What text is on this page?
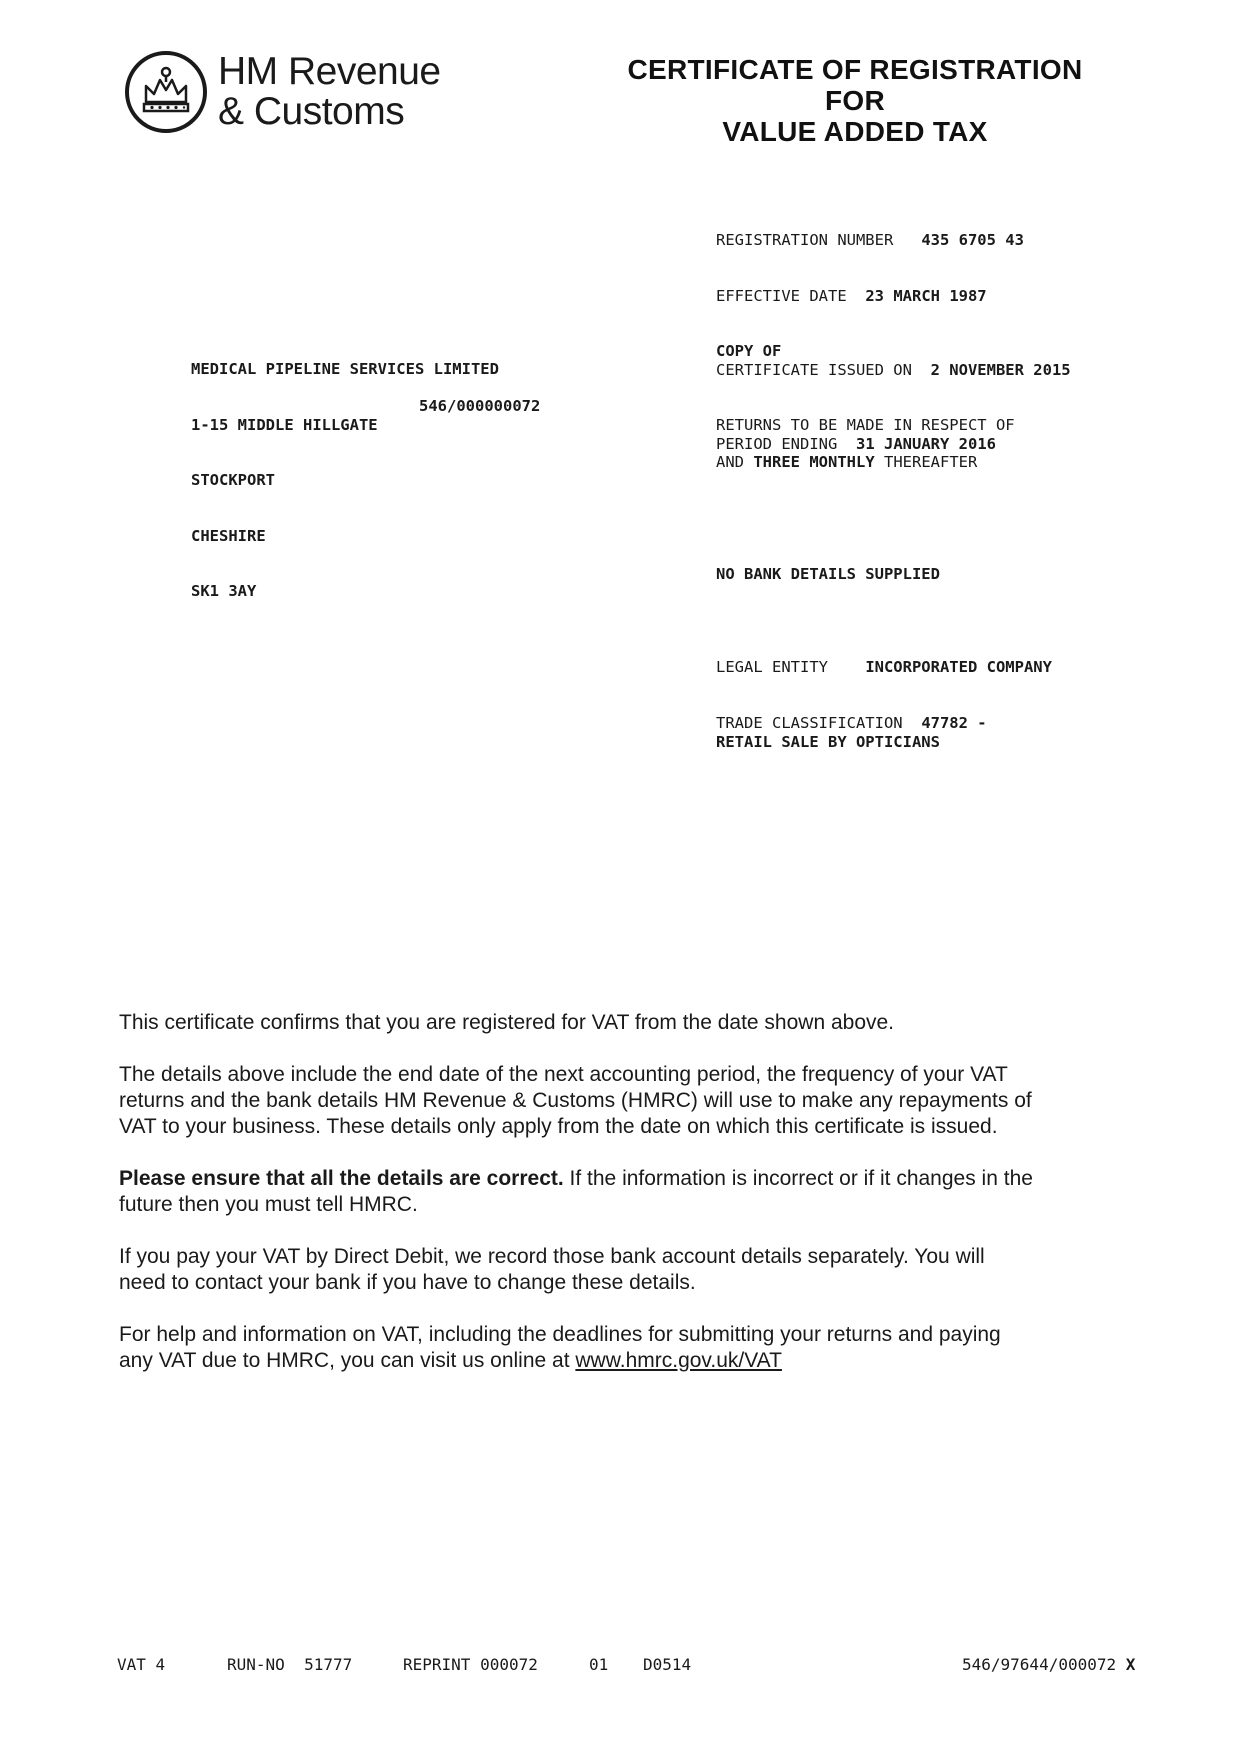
HM Revenue
& Customs
CERTIFICATE OF REGISTRATION
FOR
VALUE ADDED TAX
REGISTRATION NUMBER 435 6705 43
EFFECTIVE DATE 23 MARCH 1987
COPY OF
CERTIFICATE ISSUED ON 2 NOVEMBER 2015
RETURNS TO BE MADE IN RESPECT OF
PERIOD ENDING 31 JANUARY 2016
AND THREE MONTHLY THEREAFTER
NO BANK DETAILS SUPPLIED
LEGAL ENTITY INCORPORATED COMPANY
TRADE CLASSIFICATION 47782 -
RETAIL SALE BY OPTICIANS

MEDICAL PIPELINE SERVICES LIMITED

1-15 MIDDLE HILLGATE

STOCKPORT

CHESHIRE

SK1 3AY

546/000000072

This certificate confirms that you are registered for VAT from the date shown above.

The details above include the end date of the next accounting period, the frequency of your VAT
returns and the bank details HM Revenue & Customs (HMRC) will use to make any repayments of
VAT to your business. These details only apply from the date on which this certificate is issued.

Please ensure that all the details are correct. If the information is incorrect or if it changes in the
future then you must tell HMRC.

If you pay your VAT by Direct Debit, we record those bank account details separately. You will
need to contact your bank if you have to change these details.

For help and information on VAT, including the deadlines for submitting your returns and paying
any VAT due to HMRC, you can visit us online at www.hmrc.gov.uk/VAT

VAT 4	RUN-NO 51777	REPRINT 000072	01 D0514	546/97644/000072 X
